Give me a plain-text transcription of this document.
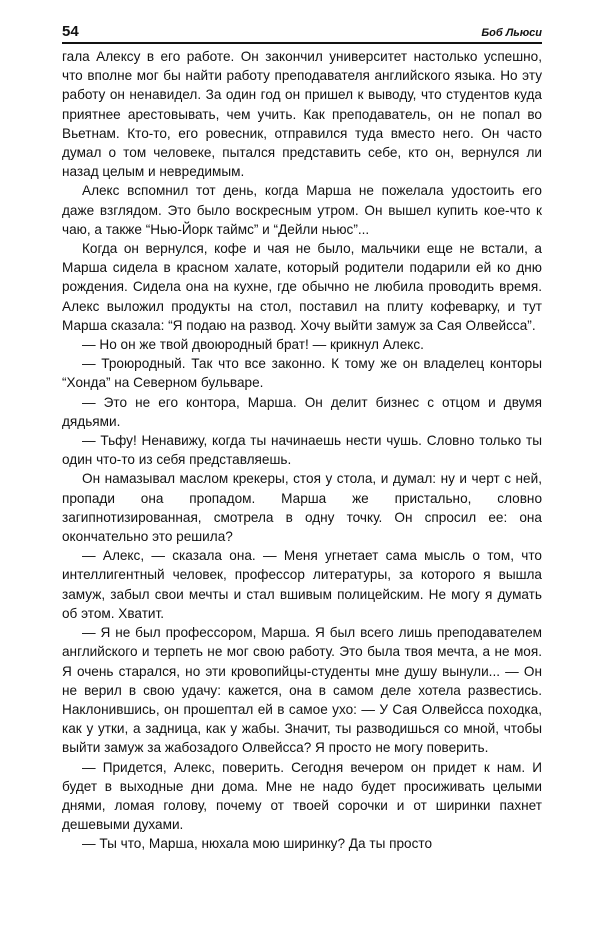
54	Боб Льюси

гала Алексу в его работе. Он закончил университет настолько успешно, что вполне мог бы найти работу преподавателя английского языка. Но эту работу он ненавидел. За один год он пришел к выводу, что студентов куда приятнее арестовывать, чем учить. Как преподаватель, он не попал во Вьетнам. Кто-то, его ровесник, отправился туда вместо него. Он часто думал о том человеке, пытался представить себе, кто он, вернулся ли назад целым и невредимым.

Алекс вспомнил тот день, когда Марша не пожелала удостоить его даже взглядом. Это было воскресным утром. Он вышел купить кое-что к чаю, а также “Нью-Йорк таймс” и “Дейли ньюс”...

Когда он вернулся, кофе и чая не было, мальчики еще не встали, а Марша сидела в красном халате, который родители подарили ей ко дню рождения. Сидела она на кухне, где обычно не любила проводить время. Алекс выложил продукты на стол, поставил на плиту кофеварку, и тут Марша сказала: “Я подаю на развод. Хочу выйти замуж за Сая Олвейсса”.

— Но он же твой двоюродный брат! — крикнул Алекс.

— Троюродный. Так что все законно. К тому же он владелец конторы “Хонда” на Северном бульваре.

— Это не его контора, Марша. Он делит бизнес с отцом и двумя дядьями.

— Тьфу! Ненавижу, когда ты начинаешь нести чушь. Словно только ты один что-то из себя представляешь.

Он намазывал маслом крекеры, стоя у стола, и думал: ну и черт с ней, пропади она пропадом. Марша же пристально, словно загипнотизированная, смотрела в одну точку. Он спросил ее: она окончательно это решила?

— Алекс, — сказала она. — Меня угнетает сама мысль о том, что интеллигентный человек, профессор литературы, за которого я вышла замуж, забыл свои мечты и стал вшивым полицейским. Не могу я думать об этом. Хватит.

— Я не был профессором, Марша. Я был всего лишь преподавателем английского и терпеть не мог свою работу. Это была твоя мечта, а не моя. Я очень старался, но эти кровопийцы-студенты мне душу вынули... — Он не верил в свою удачу: кажется, она в самом деле хотела развестись. Наклонившись, он прошептал ей в самое ухо: — У Сая Олвейсса походка, как у утки, а задница, как у жабы. Значит, ты разводишься со мной, чтобы выйти замуж за жабозадого Олвейсса? Я просто не могу поверить.

— Придется, Алекс, поверить. Сегодня вечером он придет к нам. И будет в выходные дни дома. Мне не надо будет просиживать целыми днями, ломая голову, почему от твоей сорочки и от ширинки пахнет дешевыми духами.

— Ты что, Марша, нюхала мою ширинку? Да ты просто
